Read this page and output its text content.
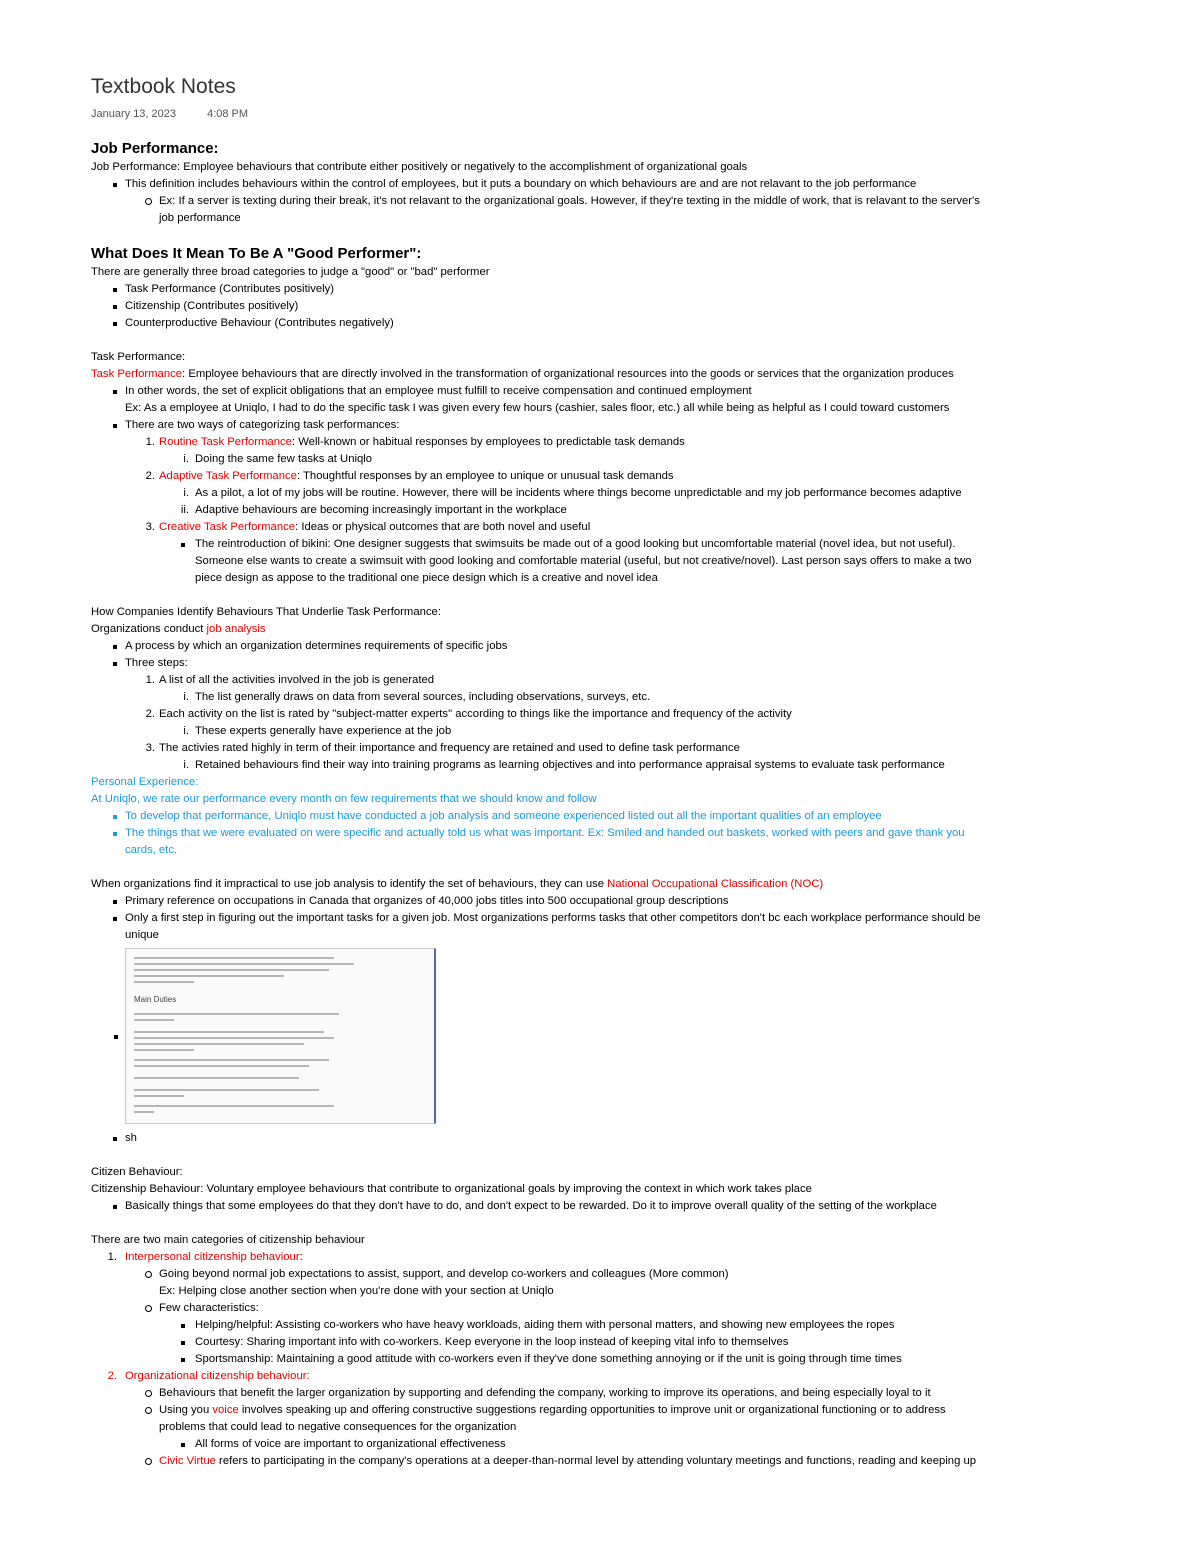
Textbook Notes
January 13, 2023	4:08 PM
Job Performance:
Job Performance: Employee behaviours that contribute either positively or negatively to the accomplishment of organizational goals
This definition includes behaviours within the control of employees, but it puts a boundary on which behaviours are and are not relavant to the job performance
Ex: If a server is texting during their break, it's not relavant to the organizational goals. However, if they're texting in the middle of work, that is relavant to the server's
job performance
What Does It Mean To Be A "Good Performer":
There are generally three broad categories to judge a "good" or "bad" performer
Task Performance (Contributes positively)
Citizenship (Contributes positively)
Counterproductive Behaviour (Contributes negatively)
Task Performance:
Task Performance: Employee behaviours that are directly involved in the transformation of organizational resources into the goods or services that the organization produces
In other words, the set of explicit obligations that an employee must fulfill to receive compensation and continued employment
Ex: As a employee at Uniqlo, I had to do the specific task I was given every few hours (cashier, sales floor, etc.) all while being as helpful as I could toward customers
There are two ways of categorizing task performances:
1. Routine Task Performance: Well-known or habitual responses by employees to predictable task demands
i. Doing the same few tasks at Uniqlo
2. Adaptive Task Performance: Thoughtful responses by an employee to unique or unusual task demands
i. As a pilot, a lot of my jobs will be routine. However, there will be incidents where things become unpredictable and my job performance becomes adaptive
ii. Adaptive behaviours are becoming increasingly important in the workplace
3. Creative Task Performance: Ideas or physical outcomes that are both novel and useful
The reintroduction of bikini: One designer suggests that swimsuits be made out of a good looking but uncomfortable material (novel idea, but not useful).
Someone else wants to create a swimsuit with good looking and comfortable material (useful, but not creative/novel). Last person says offers to make a two
piece design as appose to the traditional one piece design which is a creative and novel idea
How Companies Identify Behaviours That Underlie Task Performance:
Organizations conduct job analysis
A process by which an organization determines requirements of specific jobs
Three steps:
1. A list of all the activities involved in the job is generated
i. The list generally draws on data from several sources, including observations, surveys, etc.
2. Each activity on the list is rated by "subject-matter experts" according to things like the importance and frequency of the activity
i. These experts generally have experience at the job
3. The activies rated highly in term of their importance and frequency are retained and used to define task performance
i. Retained behaviours find their way into training programs as learning objectives and into performance appraisal systems to evaluate task performance
Personal Experience:
At Uniqlo, we rate our performance every month on few requirements that we should know and follow
To develop that performance, Uniqlo must have conducted a job analysis and someone experienced listed out all the important qualities of an employee
The things that we were evaluated on were specific and actually told us what was important. Ex: Smiled and handed out baskets, worked with peers and gave thank you
cards, etc.
When organizations find it impractical to use job analysis to identify the set of behaviours, they can use National Occupational Classification (NOC)
Primary reference on occupations in Canada that organizes of 40,000 jobs titles into 500 occupational group descriptions
Only a first step in figuring out the important tasks for a given job. Most organizations performs tasks that other competitors don't bc each workplace performance should be
unique
Main Duties
sh
Citizen Behaviour:
Citizenship Behaviour: Voluntary employee behaviours that contribute to organizational goals by improving the context in which work takes place
Basically things that some employees do that they don't have to do, and don't expect to be rewarded. Do it to improve overall quality of the setting of the workplace
There are two main categories of citizenship behaviour
1. Interpersonal citizenship behaviour:
Going beyond normal job expectations to assist, support, and develop co-workers and colleagues (More common)
Ex: Helping close another section when you're done with your section at Uniqlo
Few characteristics:
Helping/helpful: Assisting co-workers who have heavy workloads, aiding them with personal matters, and showing new employees the ropes
Courtesy: Sharing important info with co-workers. Keep everyone in the loop instead of keeping vital info to themselves
Sportsmanship: Maintaining a good attitude with co-workers even if they've done something annoying or if the unit is going through time times
2. Organizational citizenship behaviour:
Behaviours that benefit the larger organization by supporting and defending the company, working to improve its operations, and being especially loyal to it
Using you voice involves speaking up and offering constructive suggestions regarding opportunities to improve unit or organizational functioning or to address
problems that could lead to negative consequences for the organization
All forms of voice are important to organizational effectiveness
Civic Virtue refers to participating in the company's operations at a deeper-than-normal level by attending voluntary meetings and functions, reading and keeping up
